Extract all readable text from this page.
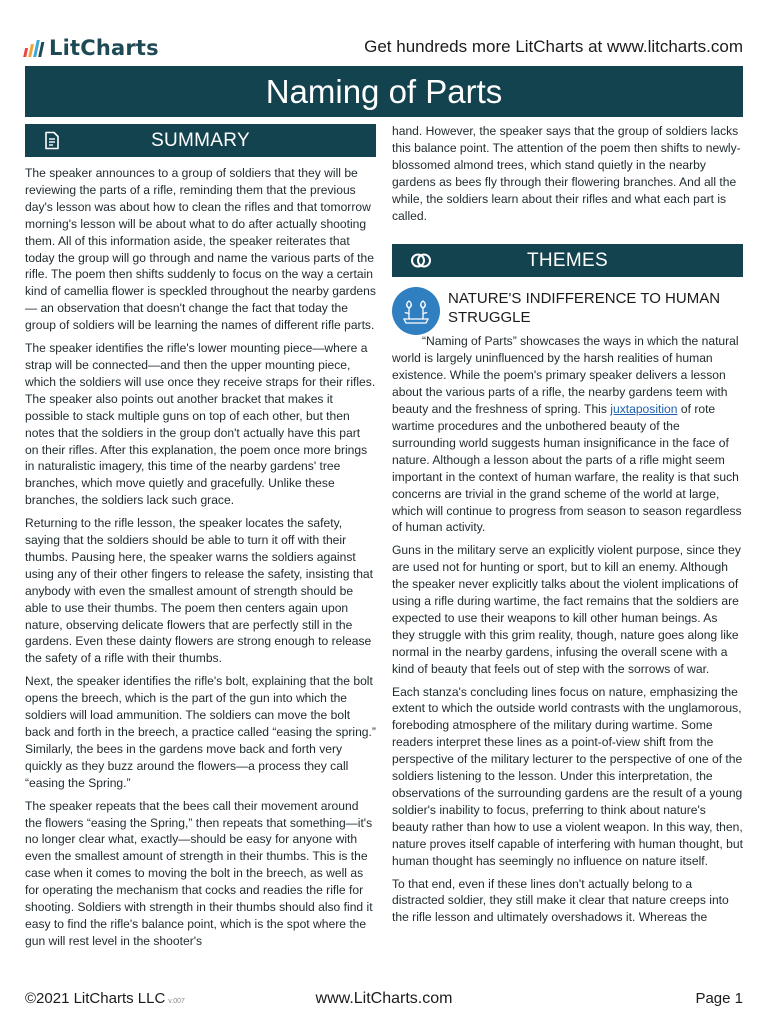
LitCharts	Get hundreds more LitCharts at www.litcharts.com
Naming of Parts
SUMMARY

The speaker announces to a group of soldiers that they will be reviewing the parts of a rifle, reminding them that the previous day's lesson was about how to clean the rifles and that tomorrow morning's lesson will be about what to do after actually shooting them. All of this information aside, the speaker reiterates that today the group will go through and name the various parts of the rifle. The poem then shifts suddenly to focus on the way a certain kind of camellia flower is speckled throughout the nearby gardens— an observation that doesn't change the fact that today the group of soldiers will be learning the names of different rifle parts.

The speaker identifies the rifle's lower mounting piece—where a strap will be connected—and then the upper mounting piece, which the soldiers will use once they receive straps for their rifles. The speaker also points out another bracket that makes it possible to stack multiple guns on top of each other, but then notes that the soldiers in the group don't actually have this part on their rifles. After this explanation, the poem once more brings in naturalistic imagery, this time of the nearby gardens' tree branches, which move quietly and gracefully. Unlike these branches, the soldiers lack such grace.

Returning to the rifle lesson, the speaker locates the safety, saying that the soldiers should be able to turn it off with their thumbs. Pausing here, the speaker warns the soldiers against using any of their other fingers to release the safety, insisting that anybody with even the smallest amount of strength should be able to use their thumbs. The poem then centers again upon nature, observing delicate flowers that are perfectly still in the gardens. Even these dainty flowers are strong enough to release the safety of a rifle with their thumbs.

Next, the speaker identifies the rifle's bolt, explaining that the bolt opens the breech, which is the part of the gun into which the soldiers will load ammunition. The soldiers can move the bolt back and forth in the breech, a practice called “easing the spring.” Similarly, the bees in the gardens move back and forth very quickly as they buzz around the flowers—a process they call “easing the Spring.”

The speaker repeats that the bees call their movement around the flowers “easing the Spring,” then repeats that something—it's no longer clear what, exactly—should be easy for anyone with even the smallest amount of strength in their thumbs. This is the case when it comes to moving the bolt in the breech, as well as for operating the mechanism that cocks and readies the rifle for shooting. Soldiers with strength in their thumbs should also find it easy to find the rifle's balance point, which is the spot where the gun will rest level in the shooter's

hand. However, the speaker says that the group of soldiers lacks this balance point. The attention of the poem then shifts to newly-blossomed almond trees, which stand quietly in the nearby gardens as bees fly through their flowering branches. And all the while, the soldiers learn about their rifles and what each part is called.

THEMES
NATURE'S INDIFFERENCE TO HUMAN STRUGGLE

“Naming of Parts” showcases the ways in which the natural world is largely uninfluenced by the harsh realities of human existence. While the poem's primary speaker delivers a lesson about the various parts of a rifle, the nearby gardens teem with beauty and the freshness of spring. This juxtaposition of rote wartime procedures and the unbothered beauty of the surrounding world suggests human insignificance in the face of nature. Although a lesson about the parts of a rifle might seem important in the context of human warfare, the reality is that such concerns are trivial in the grand scheme of the world at large, which will continue to progress from season to season regardless of human activity.

Guns in the military serve an explicitly violent purpose, since they are used not for hunting or sport, but to kill an enemy. Although the speaker never explicitly talks about the violent implications of using a rifle during wartime, the fact remains that the soldiers are expected to use their weapons to kill other human beings. As they struggle with this grim reality, though, nature goes along like normal in the nearby gardens, infusing the overall scene with a kind of beauty that feels out of step with the sorrows of war.

Each stanza's concluding lines focus on nature, emphasizing the extent to which the outside world contrasts with the unglamorous, foreboding atmosphere of the military during wartime. Some readers interpret these lines as a point-of-view shift from the perspective of the military lecturer to the perspective of one of the soldiers listening to the lesson. Under this interpretation, the observations of the surrounding gardens are the result of a young soldier's inability to focus, preferring to think about nature's beauty rather than how to use a violent weapon. In this way, then, nature proves itself capable of interfering with human thought, but human thought has seemingly no influence on nature itself.

To that end, even if these lines don't actually belong to a distracted soldier, they still make it clear that nature creeps into the rifle lesson and ultimately overshadows it. Whereas the

©2021 LitCharts LLC v.007	www.LitCharts.com	Page 1
